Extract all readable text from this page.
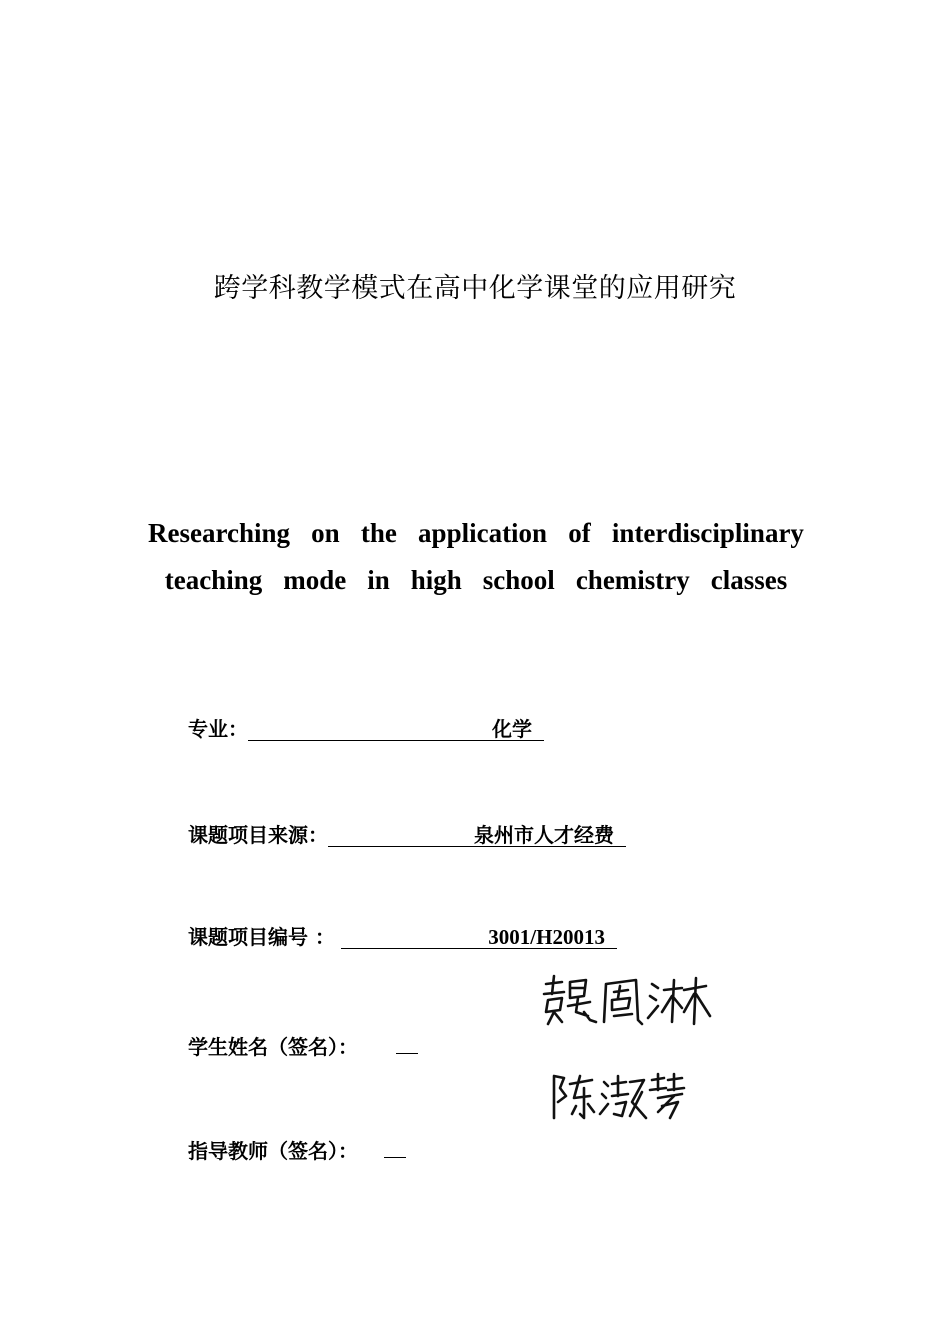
跨学科教学模式在高中化学课堂的应用研究
Researching on the application of interdisciplinary
teaching mode in high school chemistry classes
专业：	化学
课题项目来源：	泉州市人才经费
课题项目编号 ：	3001/H20013
学生姓名（签名）：
指导教师（签名）：
